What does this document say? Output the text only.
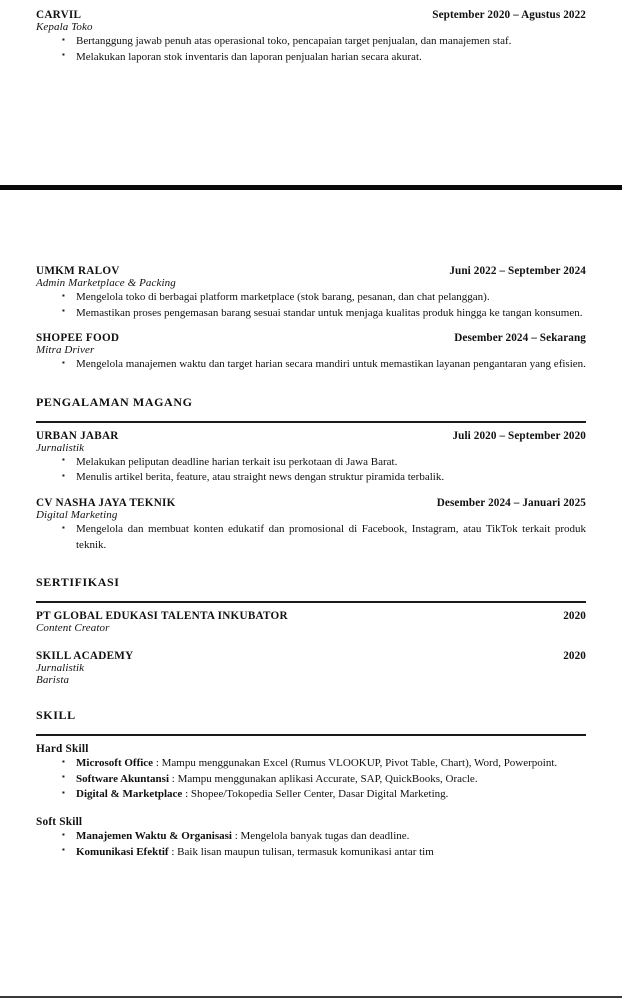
CARVIL	September 2020 – Agustus 2022
Kepala Toko
▪ Bertanggung jawab penuh atas operasional toko, pencapaian target penjualan, dan manajemen staf.
▪ Melakukan laporan stok inventaris dan laporan penjualan harian secara akurat.
UMKM RALOV	Juni 2022 – September 2024
Admin Marketplace & Packing
▪ Mengelola toko di berbagai platform marketplace (stok barang, pesanan, dan chat pelanggan).
▪ Memastikan proses pengemasan barang sesuai standar untuk menjaga kualitas produk hingga ke tangan konsumen.
SHOPEE FOOD	Desember 2024 – Sekarang
Mitra Driver
▪ Mengelola manajemen waktu dan target harian secara mandiri untuk memastikan layanan pengantaran yang efisien.
PENGALAMAN MAGANG
URBAN JABAR	Juli 2020 – September 2020
Jurnalistik
▪ Melakukan peliputan deadline harian terkait isu perkotaan di Jawa Barat.
▪ Menulis artikel berita, feature, atau straight news dengan struktur piramida terbalik.
CV NASHA JAYA TEKNIK	Desember 2024 – Januari 2025
Digital Marketing
▪ Mengelola dan membuat konten edukatif dan promosional di Facebook, Instagram, atau TikTok terkait produk teknik.
SERTIFIKASI
PT GLOBAL EDUKASI TALENTA INKUBATOR	2020
Content Creator
SKILL ACADEMY	2020
Jurnalistik
Barista
SKILL
Hard Skill
▪ Microsoft Office : Mampu menggunakan Excel (Rumus VLOOKUP, Pivot Table, Chart), Word, Powerpoint.
▪ Software Akuntansi : Mampu menggunakan aplikasi Accurate, SAP, QuickBooks, Oracle.
▪ Digital & Marketplace : Shopee/Tokopedia Seller Center, Dasar Digital Marketing.
Soft Skill
▪ Manajemen Waktu & Organisasi : Mengelola banyak tugas dan deadline.
▪ Komunikasi Efektif : Baik lisan maupun tulisan, termasuk komunikasi antar tim
